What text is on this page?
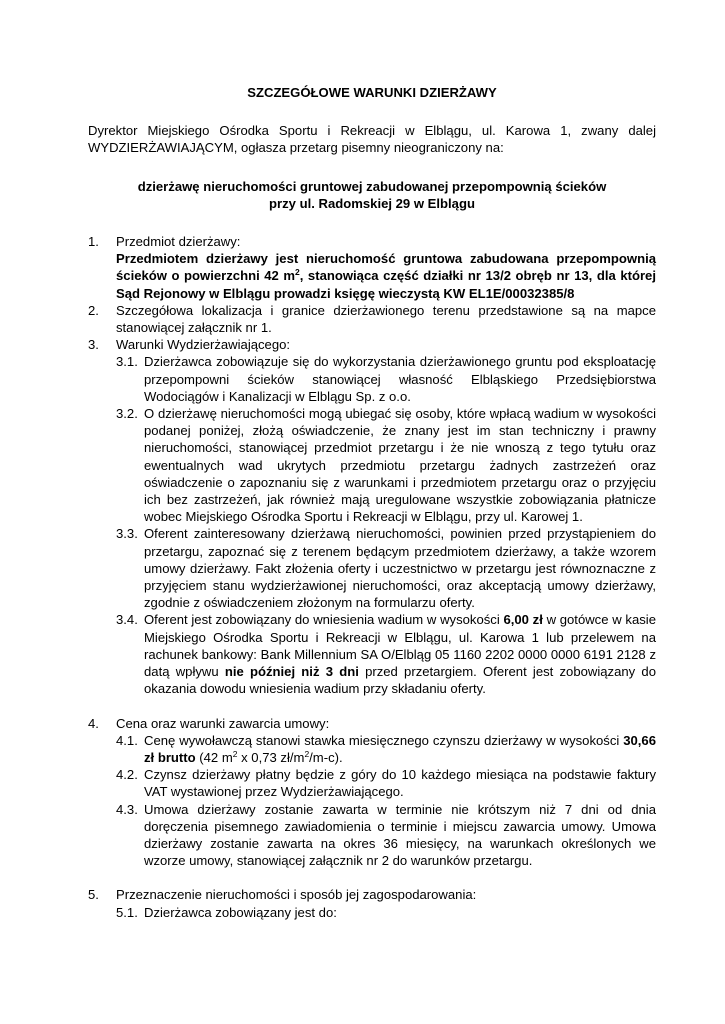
SZCZEGÓŁOWE WARUNKI DZIERŻAWY
Dyrektor Miejskiego Ośrodka Sportu i Rekreacji w Elblągu, ul. Karowa 1, zwany dalej WYDZIERŻAWIAJĄCYM, ogłasza przetarg pisemny nieograniczony na:
dzierżawę nieruchomości gruntowej zabudowanej przepompownią ścieków
przy ul. Radomskiej 29 w Elblągu
1. Przedmiot dzierżawy:
Przedmiotem dzierżawy jest nieruchomość gruntowa zabudowana przepompownią ścieków o powierzchni 42 $m^2$, stanowiąca część działki nr 13/2 obręb nr 13, dla której Sąd Rejonowy w Elblągu prowadzi księgę wieczystą KW EL1E/00032385/8
2. Szczegółowa lokalizacja i granice dzierżawionego terenu przedstawione są na mapce stanowiącej załącznik nr 1.
3. Warunki Wydzierżawiającego:
3.1. Dzierżawca zobowiązuje się do wykorzystania dzierżawionego gruntu pod eksploatację przepompowni ścieków stanowiącej własność Elbląskiego Przedsiębiorstwa Wodociągów i Kanalizacji w Elblągu Sp. z o.o.
3.2. O dzierżawę nieruchomości mogą ubiegać się osoby, które wpłacą wadium w wysokości podanej poniżej, złożą oświadczenie, że znany jest im stan techniczny i prawny nieruchomości, stanowiącej przedmiot przetargu i że nie wnoszą z tego tytułu oraz ewentualnych wad ukrytych przedmiotu przetargu żadnych zastrzeżeń oraz oświadczenie o zapoznaniu się z warunkami i przedmiotem przetargu oraz o przyjęciu ich bez zastrzeżeń, jak również mają uregulowane wszystkie zobowiązania płatnicze wobec Miejskiego Ośrodka Sportu i Rekreacji w Elblągu, przy ul. Karowej 1.
3.3. Oferent zainteresowany dzierżawą nieruchomości, powinien przed przystąpieniem do przetargu, zapoznać się z terenem będącym przedmiotem dzierżawy, a także wzorem umowy dzierżawy. Fakt złożenia oferty i uczestnictwo w przetargu jest równoznaczne z przyjęciem stanu wydzierżawionej nieruchomości, oraz akceptacją umowy dzierżawy, zgodnie z oświadczeniem złożonym na formularzu oferty.
3.4. Oferent jest zobowiązany do wniesienia wadium w wysokości 6,00 zł w gotówce w kasie Miejskiego Ośrodka Sportu i Rekreacji w Elblągu, ul. Karowa 1 lub przelewem na rachunek bankowy: Bank Millennium SA O/Elbląg 05 1160 2202 0000 0000 6191 2128 z datą wpływu nie później niż 3 dni przed przetargiem. Oferent jest zobowiązany do okazania dowodu wniesienia wadium przy składaniu oferty.
4. Cena oraz warunki zawarcia umowy:
4.1. Cenę wywoławczą stanowi stawka miesięcznego czynszu dzierżawy w wysokości 30,66 zł brutto (42 $m^2$ x 0,73 $zł/m^2/m-c$).
4.2. Czynsz dzierżawy płatny będzie z góry do 10 każdego miesiąca na podstawie faktury VAT wystawionej przez Wydzierżawiającego.
4.3. Umowa dzierżawy zostanie zawarta w terminie nie krótszym niż 7 dni od dnia doręczenia pisemnego zawiadomienia o terminie i miejscu zawarcia umowy. Umowa dzierżawy zostanie zawarta na okres 36 miesięcy, na warunkach określonych we wzorze umowy, stanowiącej załącznik nr 2 do warunków przetargu.
5. Przeznaczenie nieruchomości i sposób jej zagospodarowania:
5.1. Dzierżawca zobowiązany jest do:
